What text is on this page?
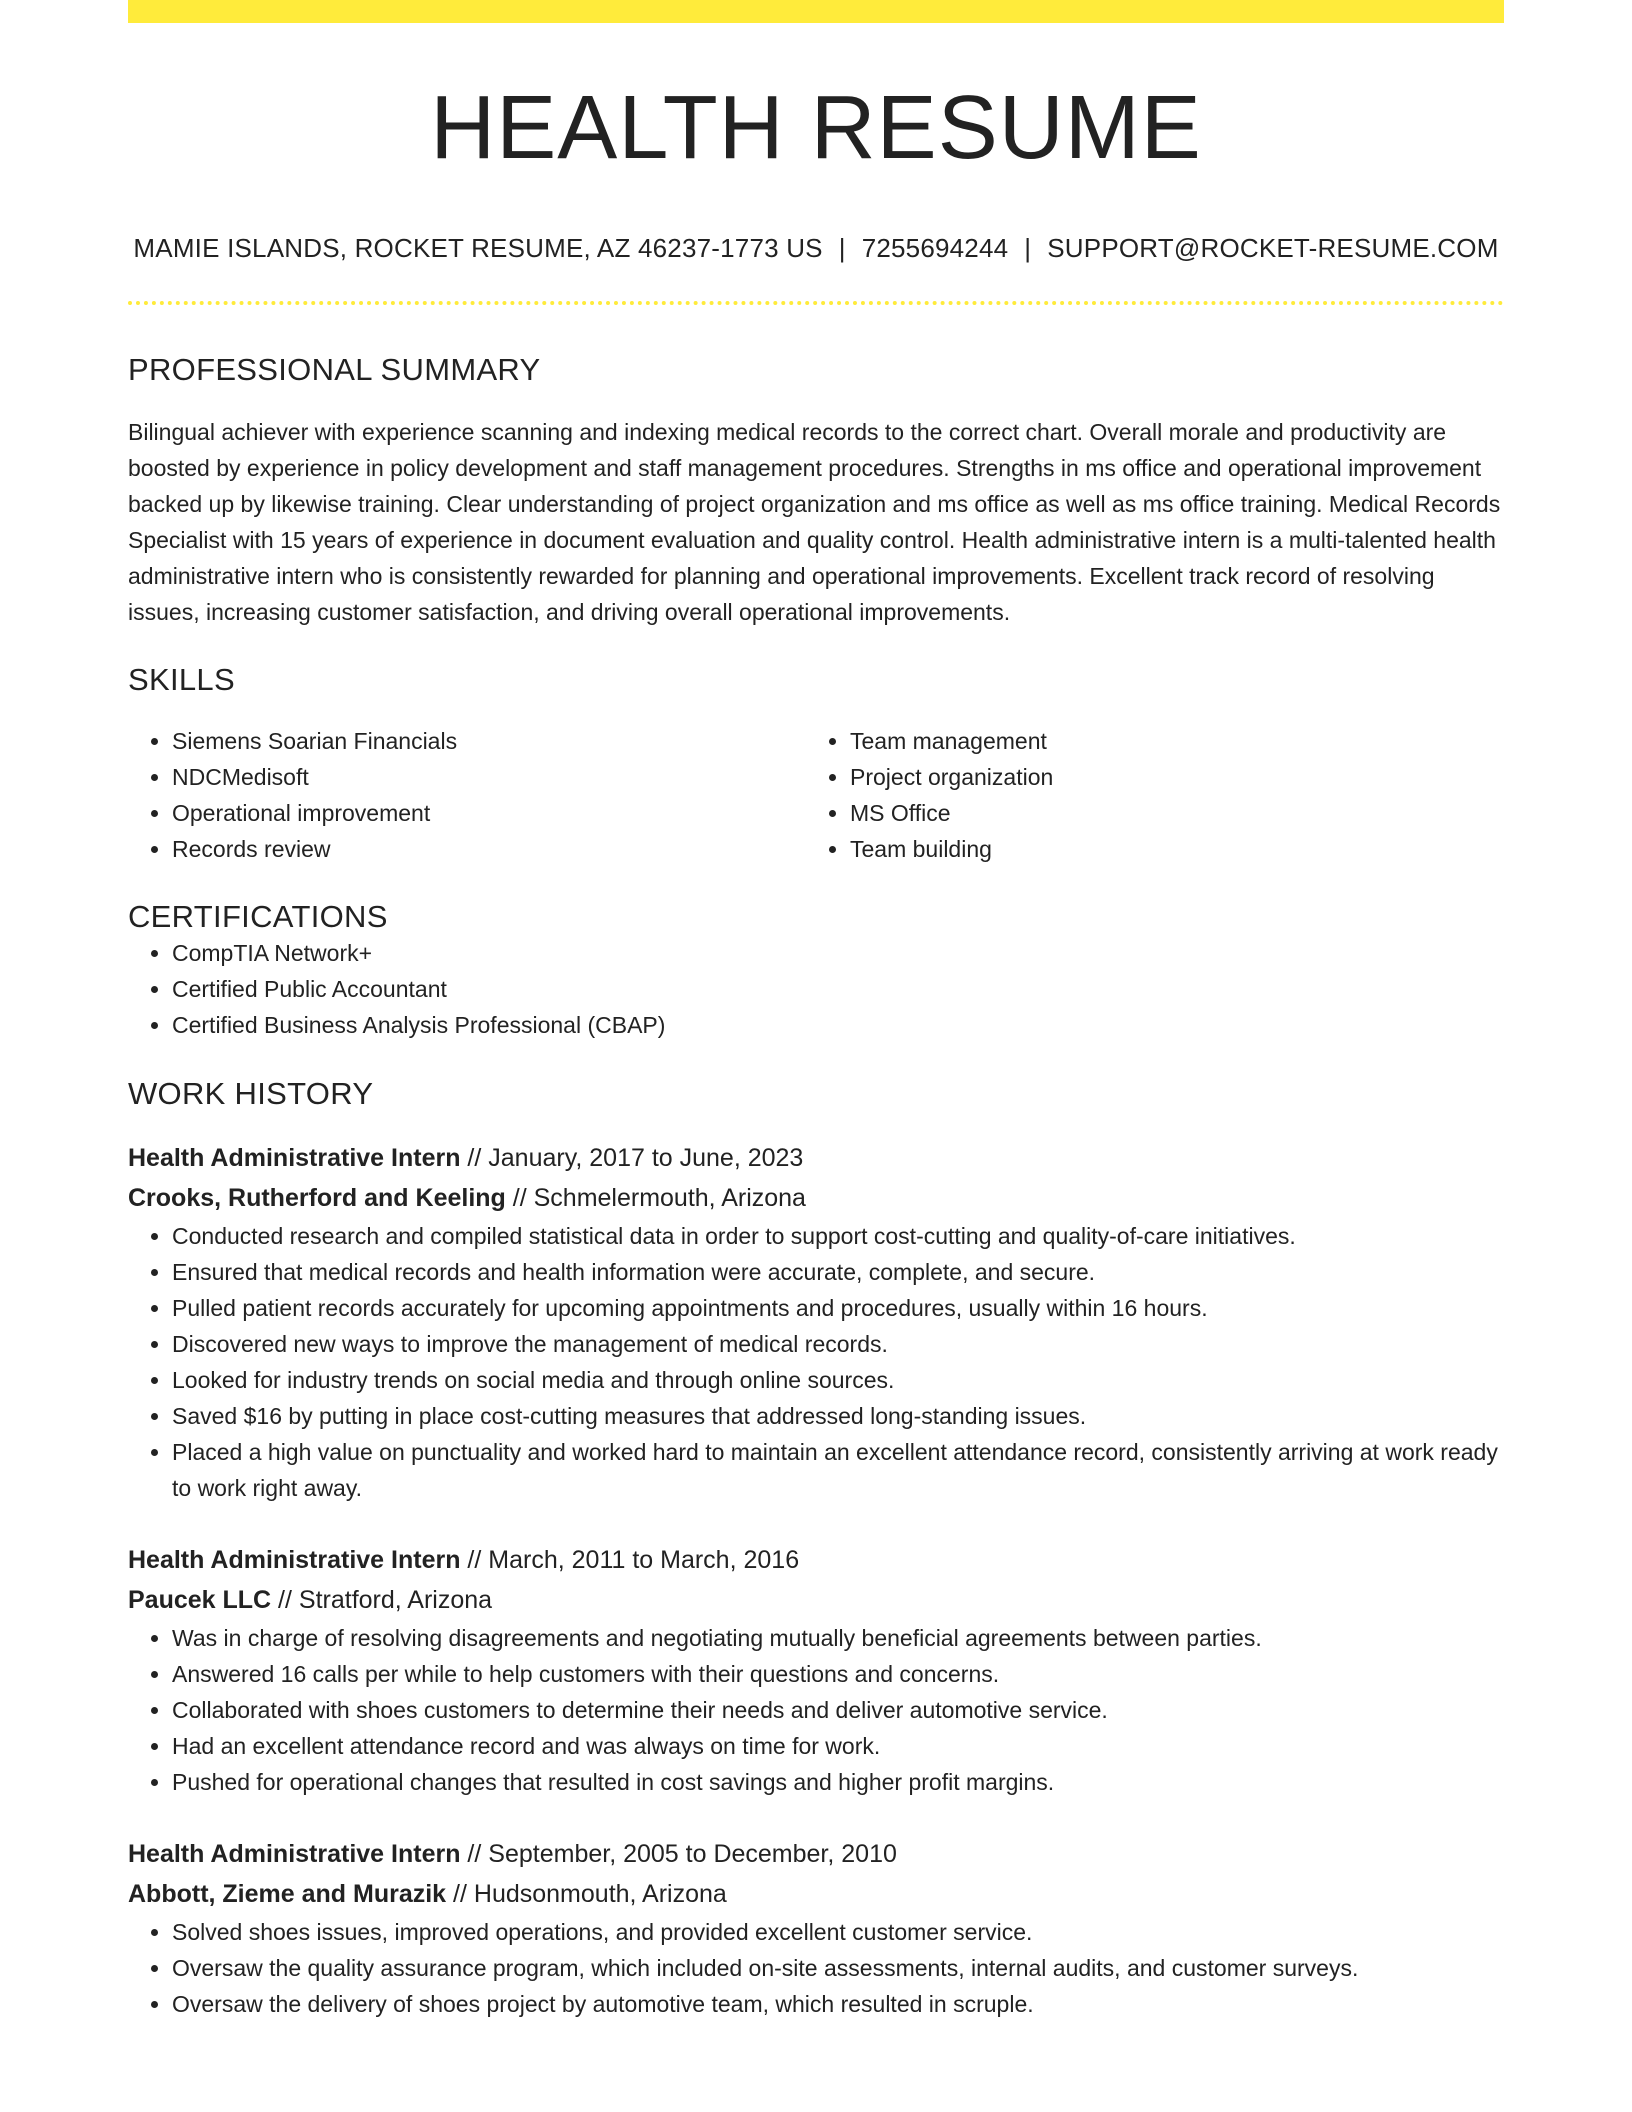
HEALTH RESUME
MAMIE ISLANDS, ROCKET RESUME, AZ 46237-1773 US | 7255694244 | SUPPORT@ROCKET-RESUME.COM
PROFESSIONAL SUMMARY
Bilingual achiever with experience scanning and indexing medical records to the correct chart. Overall morale and productivity are boosted by experience in policy development and staff management procedures. Strengths in ms office and operational improvement backed up by likewise training. Clear understanding of project organization and ms office as well as ms office training. Medical Records Specialist with 15 years of experience in document evaluation and quality control. Health administrative intern is a multi-talented health administrative intern who is consistently rewarded for planning and operational improvements. Excellent track record of resolving issues, increasing customer satisfaction, and driving overall operational improvements.
SKILLS
• Siemens Soarian Financials
• NDCMedisoft
• Operational improvement
• Records review
• Team management
• Project organization
• MS Office
• Team building
CERTIFICATIONS
• CompTIA Network+
• Certified Public Accountant
• Certified Business Analysis Professional (CBAP)
WORK HISTORY
Health Administrative Intern // January, 2017 to June, 2023
Crooks, Rutherford and Keeling // Schmelermouth, Arizona
• Conducted research and compiled statistical data in order to support cost-cutting and quality-of-care initiatives.
• Ensured that medical records and health information were accurate, complete, and secure.
• Pulled patient records accurately for upcoming appointments and procedures, usually within 16 hours.
• Discovered new ways to improve the management of medical records.
• Looked for industry trends on social media and through online sources.
• Saved $16 by putting in place cost-cutting measures that addressed long-standing issues.
• Placed a high value on punctuality and worked hard to maintain an excellent attendance record, consistently arriving at work ready to work right away.
Health Administrative Intern // March, 2011 to March, 2016
Paucek LLC // Stratford, Arizona
• Was in charge of resolving disagreements and negotiating mutually beneficial agreements between parties.
• Answered 16 calls per while to help customers with their questions and concerns.
• Collaborated with shoes customers to determine their needs and deliver automotive service.
• Had an excellent attendance record and was always on time for work.
• Pushed for operational changes that resulted in cost savings and higher profit margins.
Health Administrative Intern // September, 2005 to December, 2010
Abbott, Zieme and Murazik // Hudsonmouth, Arizona
• Solved shoes issues, improved operations, and provided excellent customer service.
• Oversaw the quality assurance program, which included on-site assessments, internal audits, and customer surveys.
• Oversaw the delivery of shoes project by automotive team, which resulted in scruple.
